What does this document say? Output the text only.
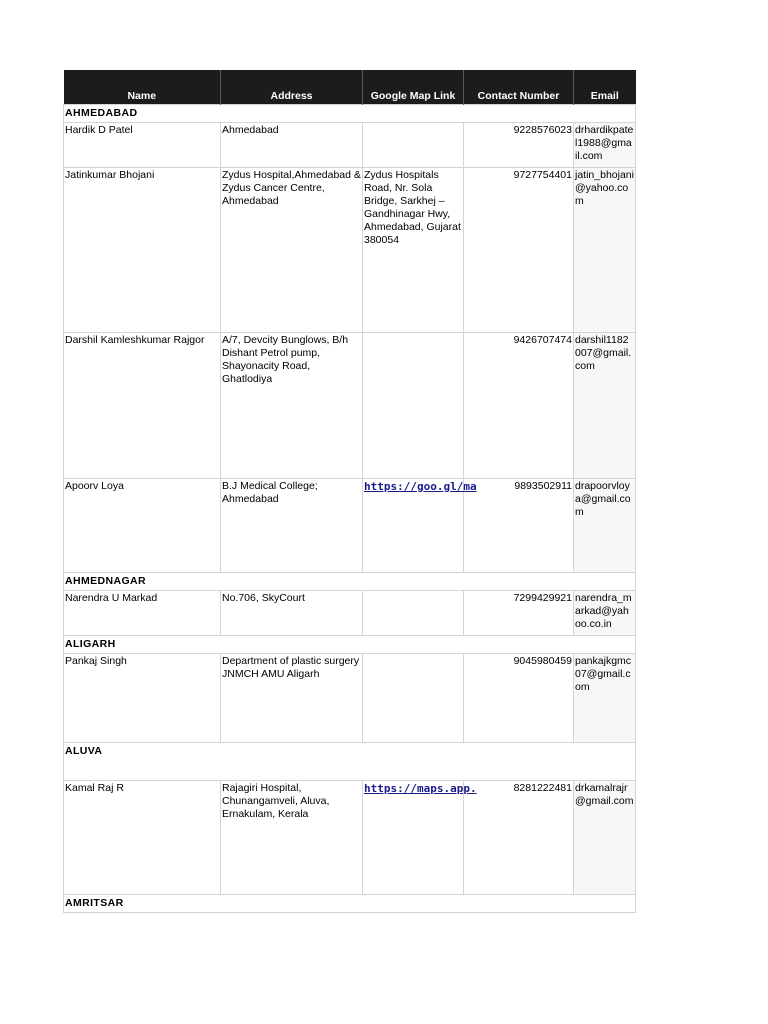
Name	Address	Google Map Link	Contact Number	Email
AHMEDABAD				
Hardik D Patel	Ahmedabad		9228576023	drhardikpatel1988@gmail.com
Jatinkumar Bhojani	Zydus Hospital,Ahmedabad & Zydus Cancer Centre, Ahmedabad	Zydus Hospitals Road, Nr. Sola Bridge, Sarkhej – Gandhinagar Hwy, Ahmedabad, Gujarat 380054	9727754401	jatin_bhojani@yahoo.com
Darshil Kamleshkumar Rajgor	A/7, Devcity Bunglows, B/h Dishant Petrol pump, Shayonacity Road, Ghatlodiya		9426707474	darshil1182007@gmail.com
Apoorv Loya	B.J Medical College; Ahmedabad	https://goo.gl/ma	9893502911	drapoorvloya@gmail.com
AHMEDNAGAR				
Narendra U Markad	No.706, SkyCourt		7299429921	narendra_markad@yahoo.co.in
ALIGARH				
Pankaj Singh	Department of plastic surgery JNMCH AMU Aligarh		9045980459	pankajkgmc07@gmail.com
ALUVA				
Kamal Raj R	Rajagiri Hospital, Chunangamveli, Aluva, Ernakulam, Kerala	https://maps.app.	8281222481	drkamalrajr@gmail.com
AMRITSAR				
